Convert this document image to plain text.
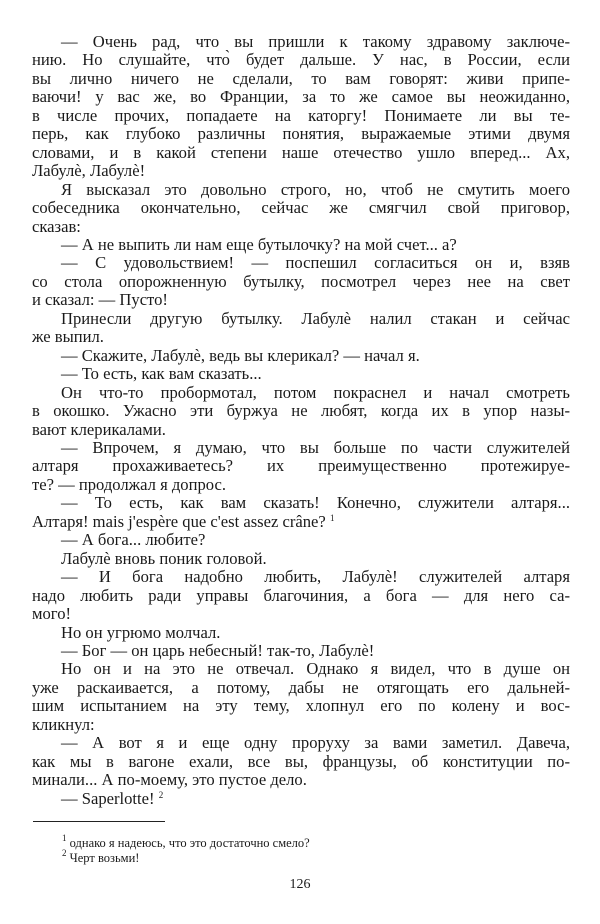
— Очень рад, что вы пришли к такому здравому заключе-
нию. Но слушайте, что̀ будет дальше. У нас, в России, если
вы лично ничего не сделали, то вам говорят: живи припе-
ваючи! у вас же, во Франции, за то же самое вы неожиданно,
в числе прочих, попадаете на каторгу! Понимаете ли вы те-
перь, как глубоко различны понятия, выражаемые этими двумя
словами, и в какой степени наше отечество ушло вперед... Ах,
Лабулѐ, Лабулѐ!
Я высказал это довольно строго, но, чтоб не смутить моего
собеседника окончательно, сейчас же смягчил свой приговор,
сказав:
— А не выпить ли нам еще бутылочку? на мой счет... а?
— С удовольствием! — поспешил согласиться он и, взяв
со стола опорожненную бутылку, посмотрел через нее на свет
и сказал: — Пусто!
Принесли другую бутылку. Лабулѐ налил стакан и сейчас
же выпил.
— Скажите, Лабулѐ, ведь вы клерикал? — начал я.
— То есть, как вам сказать...
Он что-то пробормотал, потом покраснел и начал смотреть
в окошко. Ужасно эти буржуа не любят, когда их в упор назы-
вают клерикалами.
— Впрочем, я думаю, что вы больше по части служителей
алтаря прохаживаетесь? их преимущественно протежируе-
те? — продолжал я допрос.
— То есть, как вам сказать! Конечно, служители алтаря...
Алтаря! mais j'espère que c'est assez crâne? $^1$
— А бога... любите?
Лабулѐ вновь поник головой.
— И бога надобно любить, Лабулѐ! служителей алтаря
надо любить ради управы благочиния, а бога — для него са-
мого!
Но он угрюмо молчал.
— Бог — он царь небесный! так-то, Лабулѐ!
Но он и на это не отвечал. Однако я видел, что в душе он
уже раскаивается, а потому, дабы не отягощать его дальней-
шим испытанием на эту тему, хлопнул его по колену и вос-
кликнул:
— А вот я и еще одну проруху за вами заметил. Давеча,
как мы в вагоне ехали, все вы, французы, об конституции по-
минали... А по-моему, это пустое дело.
— Saperlotte! $^2$
$^1$ однако я надеюсь, что это достаточно смело?
$^2$ Черт возьми!
126
